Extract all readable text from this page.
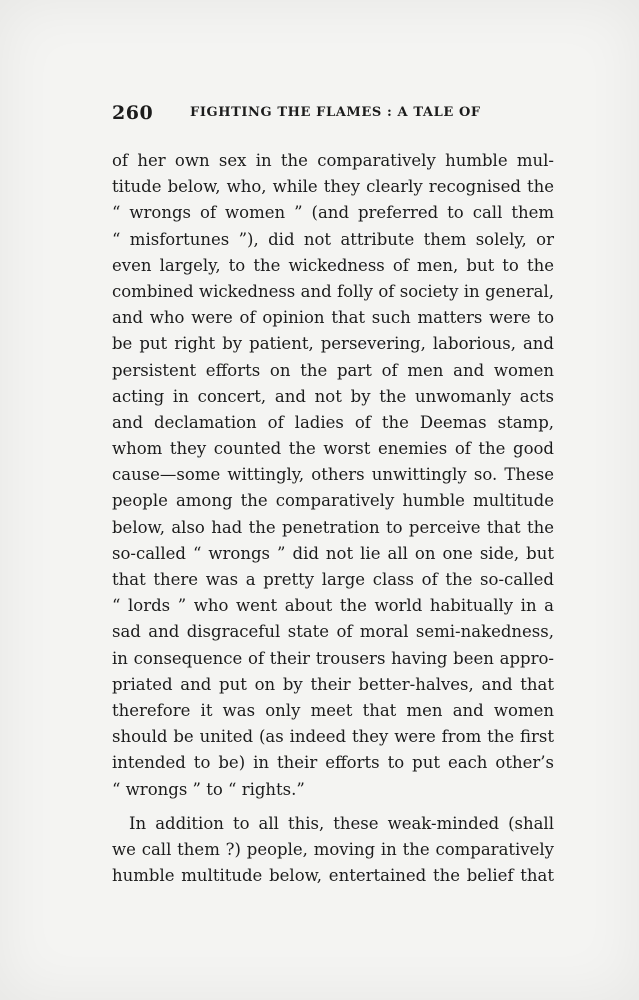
260	FIGHTING THE FLAMES : A TALE OF
of her own sex in the comparatively humble mul-
titude below, who, while they clearly recognised the
“ wrongs of women ” (and preferred to call them
“ misfortunes ”), did not attribute them solely, or
even largely, to the wickedness of men, but to the
combined wickedness and folly of society in general,
and who were of opinion that such matters were to
be put right by patient, persevering, laborious, and
persistent efforts on the part of men and women
acting in concert, and not by the unwomanly acts
and declamation of ladies of the Deemas stamp,
whom they counted the worst enemies of the good
cause—some wittingly, others unwittingly so. These
people among the comparatively humble multitude
below, also had the penetration to perceive that the
so-called “ wrongs ” did not lie all on one side, but
that there was a pretty large class of the so-called
“ lords ” who went about the world habitually in a
sad and disgraceful state of moral semi-nakedness,
in consequence of their trousers having been appro-
priated and put on by their better-halves, and that
therefore it was only meet that men and women
should be united (as indeed they were from the first
intended to be) in their efforts to put each other’s
“ wrongs ” to “ rights.”
In addition to all this, these weak-minded (shall
we call them ?) people, moving in the comparatively
humble multitude below, entertained the belief that
